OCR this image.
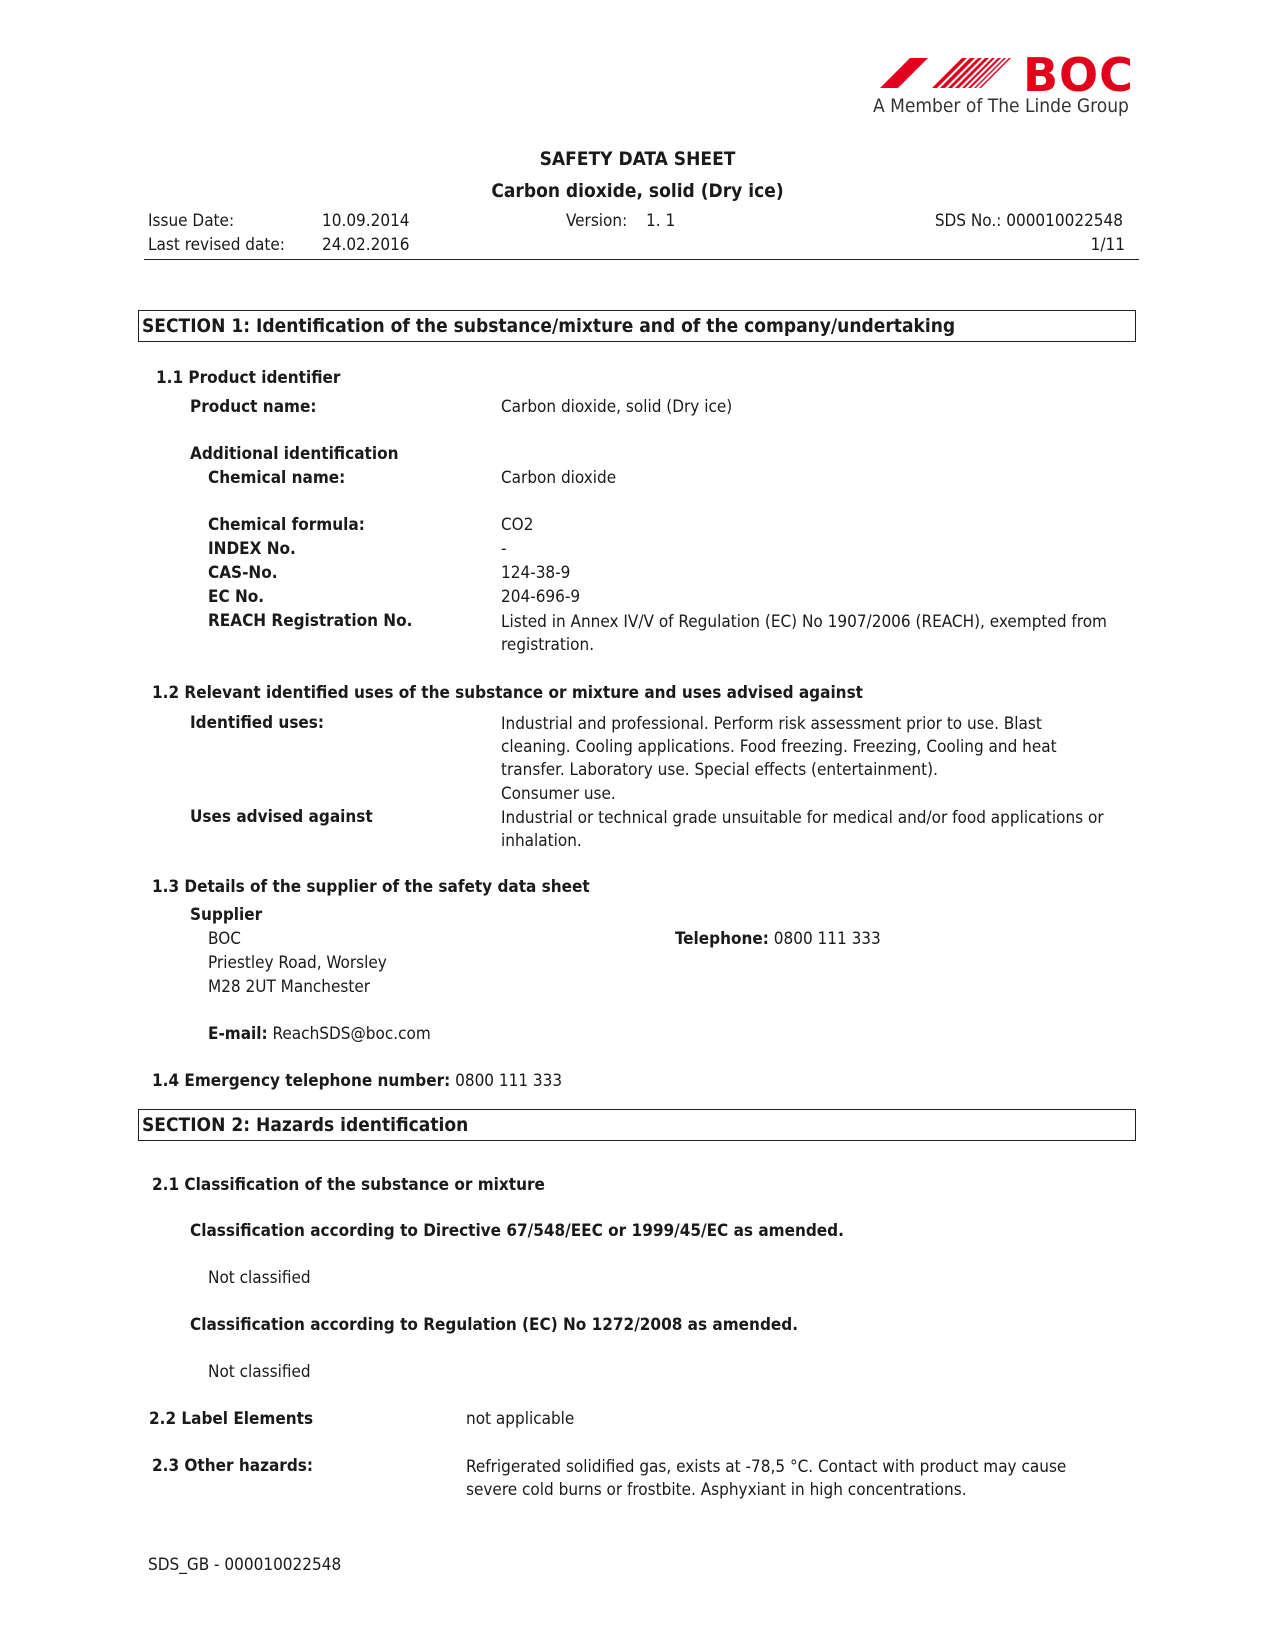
BOC
A Member of The Linde Group
SAFETY DATA SHEET
Carbon dioxide, solid (Dry ice)
Issue Date:	10.09.2014
Last revised date: 24.02.2016
Version: 1. 1	SDS No.: 000010022548
1/11
SECTION 1: Identification of the substance/mixture and of the company/undertaking
1.1 Product identifier
Product name:	Carbon dioxide, solid (Dry ice)
Additional identification
Chemical name:	Carbon dioxide
Chemical formula:	CO2
INDEX No.	-
CAS-No.	124-38-9
EC No.	204-696-9
REACH Registration No.	Listed in Annex IV/V of Regulation (EC) No 1907/2006 (REACH), exempted from registration.
1.2 Relevant identified uses of the substance or mixture and uses advised against
Identified uses:	Industrial and professional. Perform risk assessment prior to use. Blast cleaning. Cooling applications. Food freezing. Freezing, Cooling and heat transfer. Laboratory use. Special effects (entertainment).
Consumer use.
Uses advised against	Industrial or technical grade unsuitable for medical and/or food applications or inhalation.
1.3 Details of the supplier of the safety data sheet
Supplier
BOC
Priestley Road, Worsley
M28 2UT Manchester
Telephone: 0800 111 333
E-mail: ReachSDS@boc.com
1.4 Emergency telephone number: 0800 111 333
SECTION 2: Hazards identification
2.1 Classification of the substance or mixture
Classification according to Directive 67/548/EEC or 1999/45/EC as amended.
Not classified
Classification according to Regulation (EC) No 1272/2008 as amended.
Not classified
2.2 Label Elements	not applicable
2.3 Other hazards:	Refrigerated solidified gas, exists at -78,5 °C. Contact with product may cause severe cold burns or frostbite. Asphyxiant in high concentrations.
SDS_GB - 000010022548
